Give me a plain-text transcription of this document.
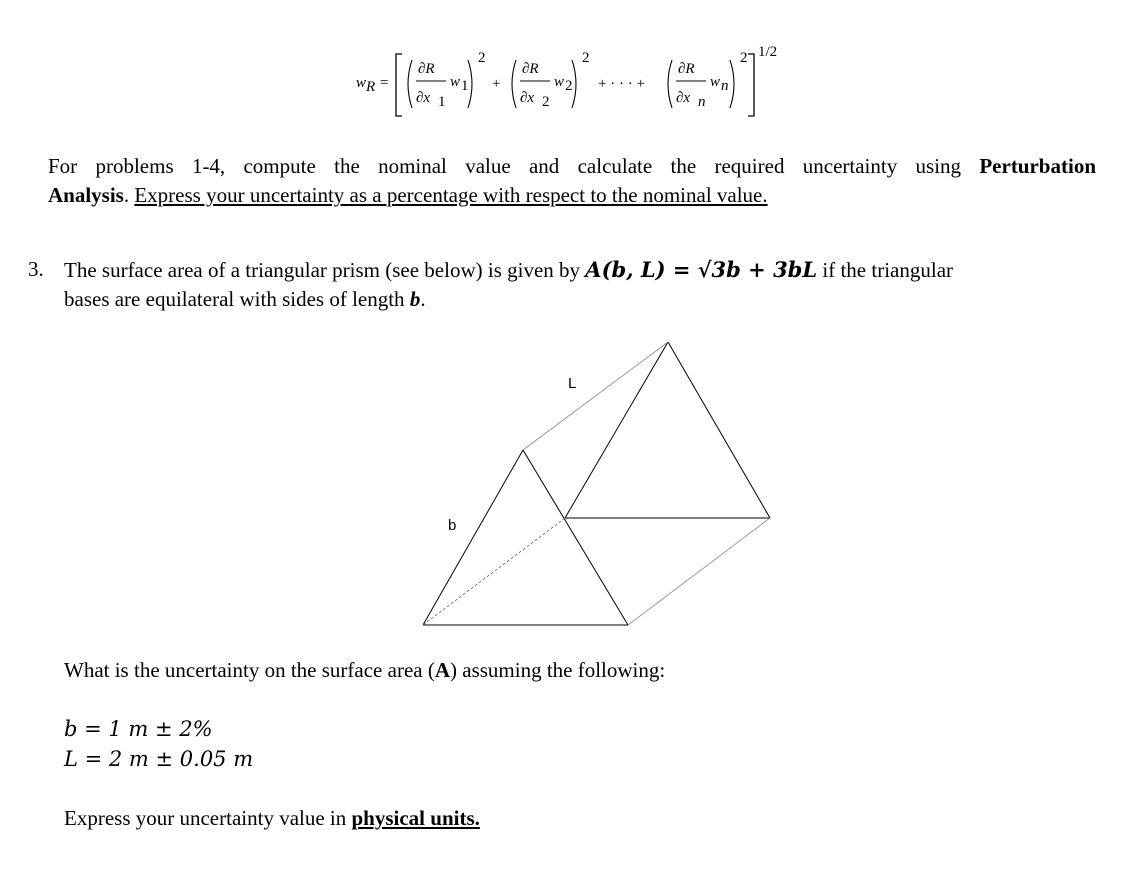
w R =
∂R
∂x 1
w 1
2
+
∂R
∂x 2
w 2
2
+ · · · +
∂R
∂x n
w n
2 1/2
For problems 1-4, compute the nominal value and calculate the required uncertainty using Perturbation
Analysis. Express your uncertainty as a percentage with respect to the nominal value.
3. The surface area of a triangular prism (see below) is given by A(b, L) = √3b + 3bL if the triangular
bases are equilateral with sides of length b.
L
b
What is the uncertainty on the surface area (A) assuming the following:
b = 1 m ± 2%
L = 2 m ± 0.05 m
Express your uncertainty value in physical units.
